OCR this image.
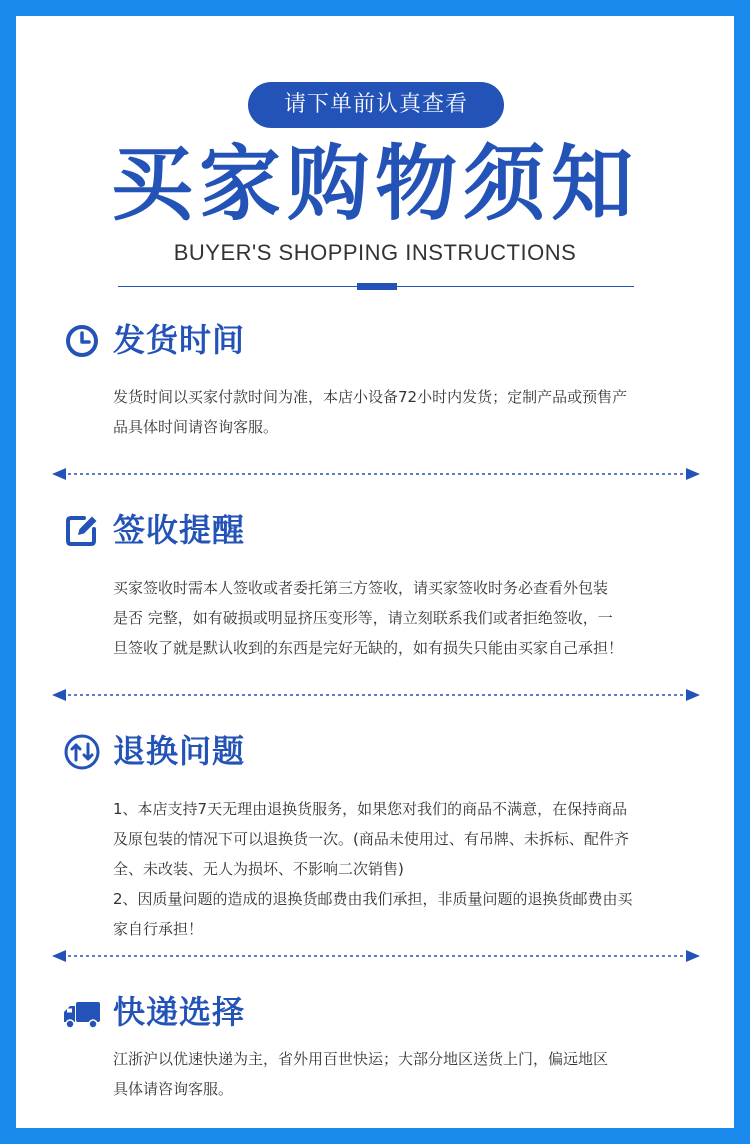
请下单前认真查看
买家购物须知
BUYER'S SHOPPING INSTRUCTIONS
发货时间

发货时间以买家付款时间为准，本店小设备72小时内发货；定制产品或预售产

品具体时间请咨询客服。

签收提醒

买家签收时需本人签收或者委托第三方签收，请买家签收时务必查看外包装

是否 完整，如有破损或明显挤压变形等，请立刻联系我们或者拒绝签收，一

旦签收了就是默认收到的东西是完好无缺的，如有损失只能由买家自己承担！

退换问题

1、本店支持7天无理由退换货服务，如果您对我们的商品不满意，在保持商品

及原包装的情况下可以退换货一次。(商品未使用过、有吊牌、未拆标、配件齐

全、未改装、无人为损坏、不影响二次销售)

2、因质量问题的造成的退换货邮费由我们承担，非质量问题的退换货邮费由买

家自行承担！

快递选择

江浙沪以优速快递为主，省外用百世快运；大部分地区送货上门，偏远地区

具体请咨询客服。
